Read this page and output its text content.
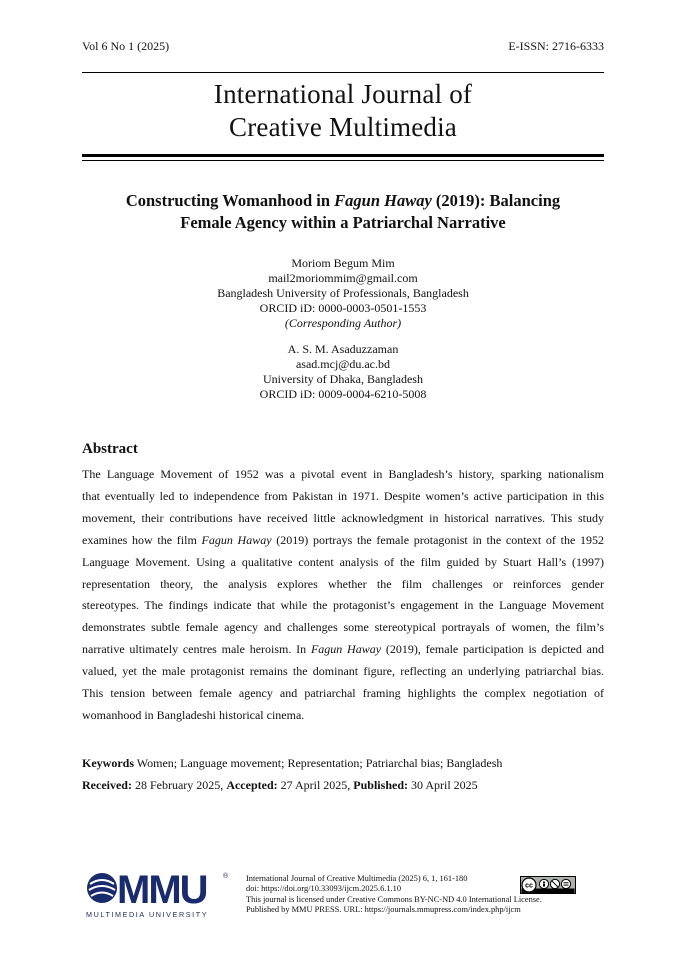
Vol 6 No 1 (2025)	E-ISSN: 2716-6333
International Journal of
Creative Multimedia
Constructing Womanhood in Fagun Haway (2019): Balancing
Female Agency within a Patriarchal Narrative
Moriom Begum Mim
mail2moriommim@gmail.com
Bangladesh University of Professionals, Bangladesh
ORCID iD: 0000-0003-0501-1553
(Corresponding Author)
A. S. M. Asaduzzaman
asad.mcj@du.ac.bd
University of Dhaka, Bangladesh
ORCID iD: 0009-0004-6210-5008
Abstract
The Language Movement of 1952 was a pivotal event in Bangladesh’s history, sparking nationalism
that eventually led to independence from Pakistan in 1971. Despite women’s active participation in this
movement, their contributions have received little acknowledgment in historical narratives. This study
examines how the film Fagun Haway (2019) portrays the female protagonist in the context of the 1952
Language Movement. Using a qualitative content analysis of the film guided by Stuart Hall’s (1997)
representation theory, the analysis explores whether the film challenges or reinforces gender
stereotypes. The findings indicate that while the protagonist’s engagement in the Language Movement
demonstrates subtle female agency and challenges some stereotypical portrayals of women, the film’s
narrative ultimately centres male heroism. In Fagun Haway (2019), female participation is depicted and
valued, yet the male protagonist remains the dominant figure, reflecting an underlying patriarchal bias.
This tension between female agency and patriarchal framing highlights the complex negotiation of
womanhood in Bangladeshi historical cinema.
Keywords Women; Language movement; Representation; Patriarchal bias; Bangladesh
Received: 28 February 2025, Accepted: 27 April 2025, Published: 30 April 2025
MMU ®
MULTIMEDIA UNIVERSITY
International Journal of Creative Multimedia (2025) 6, 1, 161-180
doi: https://doi.org/10.33093/ijcm.2025.6.1.10
This journal is licensed under Creative Commons BY-NC-ND 4.0 International License.
Published by MMU PRESS. URL: https://journals.mmupress.com/index.php/ijcm
cc
